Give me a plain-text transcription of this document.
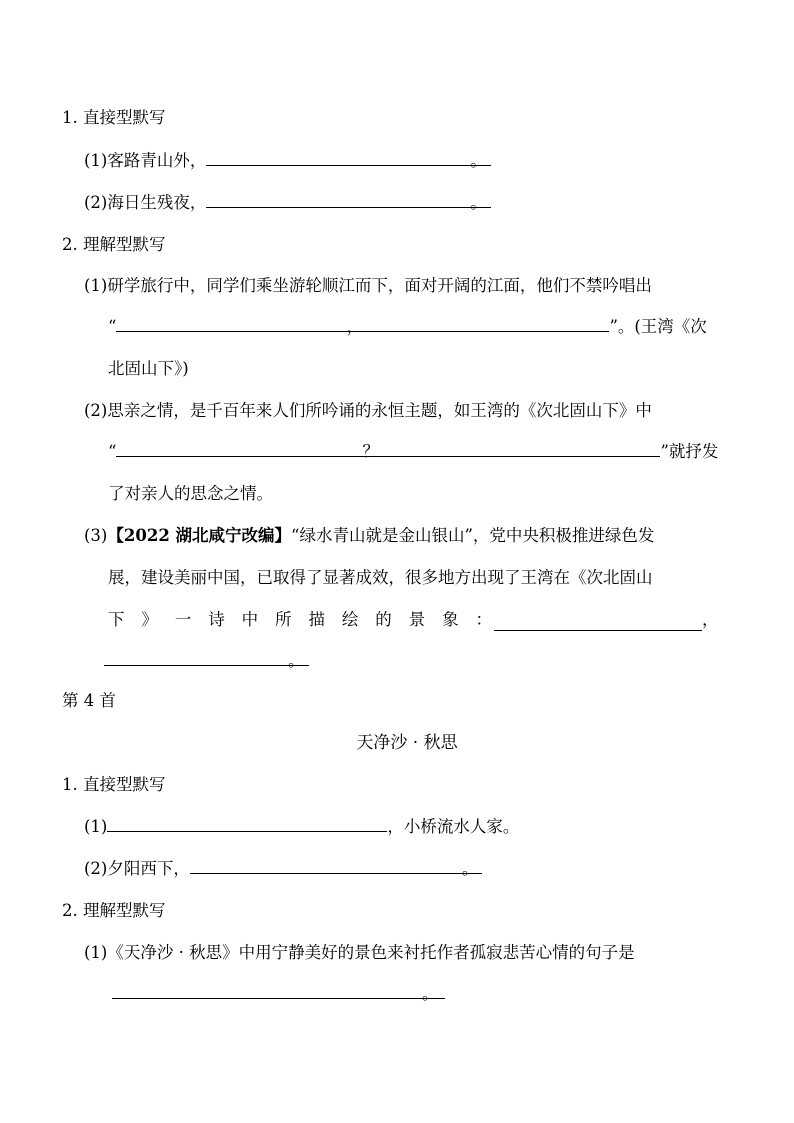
1. 直接型默写
(1)客路青山外，	。
(2)海日生残夜，	。
2. 理解型默写
(1)研学旅行中，同学们乘坐游轮顺江而下，面对开阔的江面，他们不禁吟唱出
“	，	”。(王湾《次
北固山下》)
(2)思亲之情，是千百年来人们所吟诵的永恒主题，如王湾的《次北固山下》中
“	？	”就抒发
了对亲人的思念之情。
(3)【2022 湖北咸宁改编】“绿水青山就是金山银山”，党中央积极推进绿色发
展，建设美丽中国，已取得了显著成效，很多地方出现了王湾在《次北固山
下 》 一 诗 中 所 描 绘 的 景 象 ：	，
。
第 4 首
天净沙 · 秋思
1. 直接型默写
(1)	，小桥流水人家。
(2)夕阳西下，	。
2. 理解型默写
(1)《天净沙 · 秋思》中用宁静美好的景色来衬托作者孤寂悲苦心情的句子是
。
